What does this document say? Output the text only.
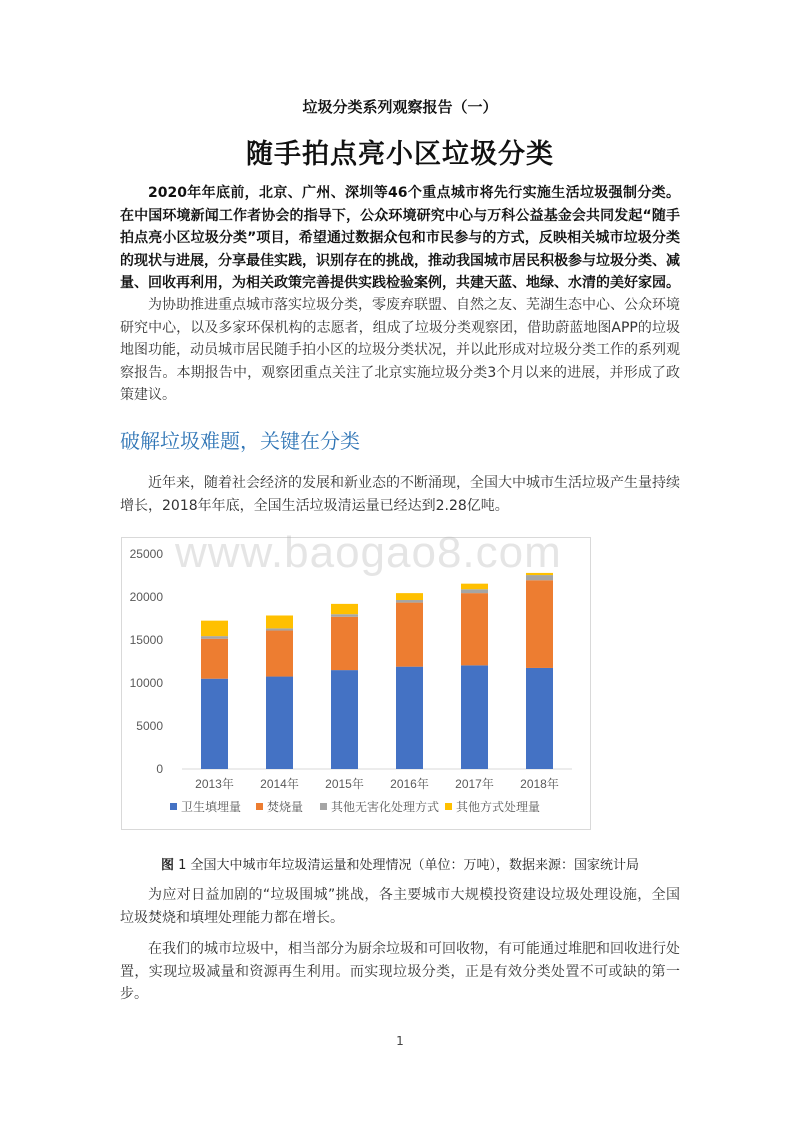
垃圾分类系列观察报告（一）
随手拍点亮小区垃圾分类

2020年年底前，北京、广州、深圳等46个重点城市将先行实施生活垃圾强制分类。在中国环境新闻工作者协会的指导下，公众环境研究中心与万科公益基金会共同发起“随手拍点亮小区垃圾分类”项目，希望通过数据众包和市民参与的方式，反映相关城市垃圾分类的现状与进展，分享最佳实践，识别存在的挑战，推动我国城市居民积极参与垃圾分类、减量、回收再利用，为相关政策完善提供实践检验案例，共建天蓝、地绿、水清的美好家园。

为协助推进重点城市落实垃圾分类，零废弃联盟、自然之友、芜湖生态中心、公众环境研究中心，以及多家环保机构的志愿者，组成了垃圾分类观察团，借助蔚蓝地图APP的垃圾地图功能，动员城市居民随手拍小区的垃圾分类状况，并以此形成对垃圾分类工作的系列观察报告。本期报告中，观察团重点关注了北京实施垃圾分类3个月以来的进展，并形成了政策建议。

破解垃圾难题，关键在分类

近年来，随着社会经济的发展和新业态的不断涌现，全国大中城市生活垃圾产生量持续增长，2018年年底，全国生活垃圾清运量已经达到2.28亿吨。

0
5000
10000
15000
20000
25000
2013年 2014年 2015年 2016年 2017年 2018年
卫生填埋量 焚烧量 其他无害化处理方式 其他方式处理量
www.baogao8.com
图 1 全国大中城市年垃圾清运量和处理情况（单位：万吨），数据来源：国家统计局

为应对日益加剧的“垃圾围城”挑战，各主要城市大规模投资建设垃圾处理设施，全国垃圾焚烧和填埋处理能力都在增长。

在我们的城市垃圾中，相当部分为厨余垃圾和可回收物，有可能通过堆肥和回收进行处置，实现垃圾减量和资源再生利用。而实现垃圾分类，正是有效分类处置不可或缺的第一步。

1
